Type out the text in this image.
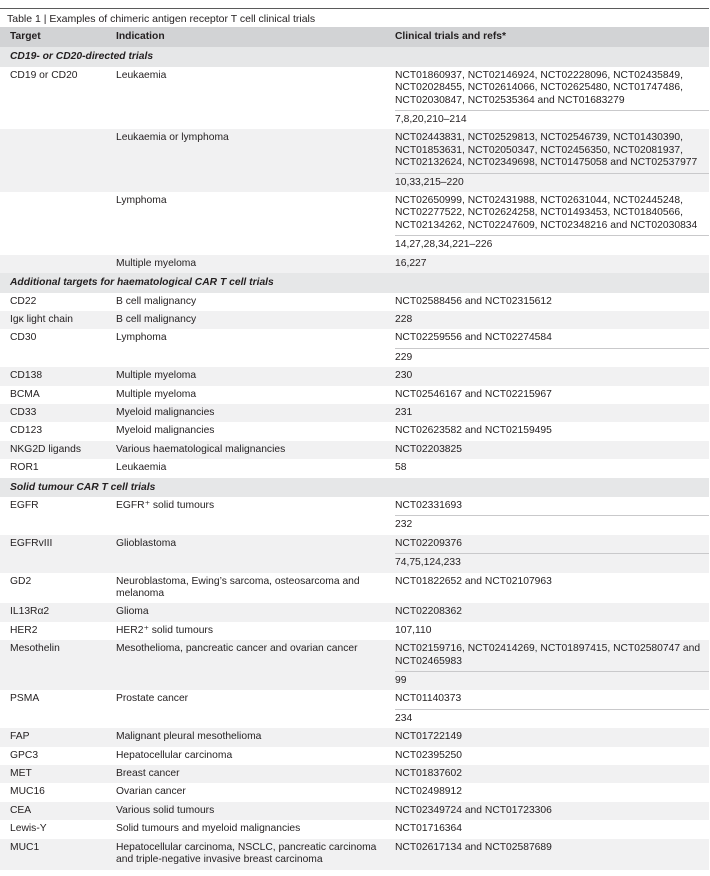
Table 1 | Examples of chimeric antigen receptor T cell clinical trials
Target	Indication	Clinical trials and refs*
CD19- or CD20-directed trials		
CD19 or CD20	Leukaemia	NCT01860937, NCT02146924, NCT02228096, NCT02435849, NCT02028455, NCT02614066, NCT02625480, NCT01747486, NCT02030847, NCT02535364 and NCT01683279
		7,8,20,210–214
	Leukaemia or lymphoma	NCT02443831, NCT02529813, NCT02546739, NCT01430390, NCT01853631, NCT02050347, NCT02456350, NCT02081937, NCT02132624, NCT02349698, NCT01475058 and NCT02537977
		10,33,215–220
	Lymphoma	NCT02650999, NCT02431988, NCT02631044, NCT02445248, NCT02277522, NCT02624258, NCT01493453, NCT01840566, NCT02134262, NCT02247609, NCT02348216 and NCT02030834
		14,27,28,34,221–226
	Multiple myeloma	16,227
Additional targets for haematological CAR T cell trials		
CD22	B cell malignancy	NCT02588456 and NCT02315612
Igκ light chain	B cell malignancy	228
CD30	Lymphoma	NCT02259556 and NCT02274584
		229
CD138	Multiple myeloma	230
BCMA	Multiple myeloma	NCT02546167 and NCT02215967
CD33	Myeloid malignancies	231
CD123	Myeloid malignancies	NCT02623582 and NCT02159495
NKG2D ligands	Various haematological malignancies	NCT02203825
ROR1	Leukaemia	58
Solid tumour CAR T cell trials		
EGFR	EGFR⁺ solid tumours	NCT02331693
		232
EGFRvIII	Glioblastoma	NCT02209376
		74,75,124,233
GD2	Neuroblastoma, Ewing’s sarcoma, osteosarcoma and melanoma	NCT01822652 and NCT02107963
IL13Rα2	Glioma	NCT02208362
HER2	HER2⁺ solid tumours	107,110
Mesothelin	Mesothelioma, pancreatic cancer and ovarian cancer	NCT02159716, NCT02414269, NCT01897415, NCT02580747 and NCT02465983
		99
PSMA	Prostate cancer	NCT01140373
		234
FAP	Malignant pleural mesothelioma	NCT01722149
GPC3	Hepatocellular carcinoma	NCT02395250
MET	Breast cancer	NCT01837602
MUC16	Ovarian cancer	NCT02498912
CEA	Various solid tumours	NCT02349724 and NCT01723306
Lewis-Y	Solid tumours and myeloid malignancies	NCT01716364
MUC1	Hepatocellular carcinoma, NSCLC, pancreatic carcinoma and triple-negative invasive breast carcinoma	NCT02617134 and NCT02587689
